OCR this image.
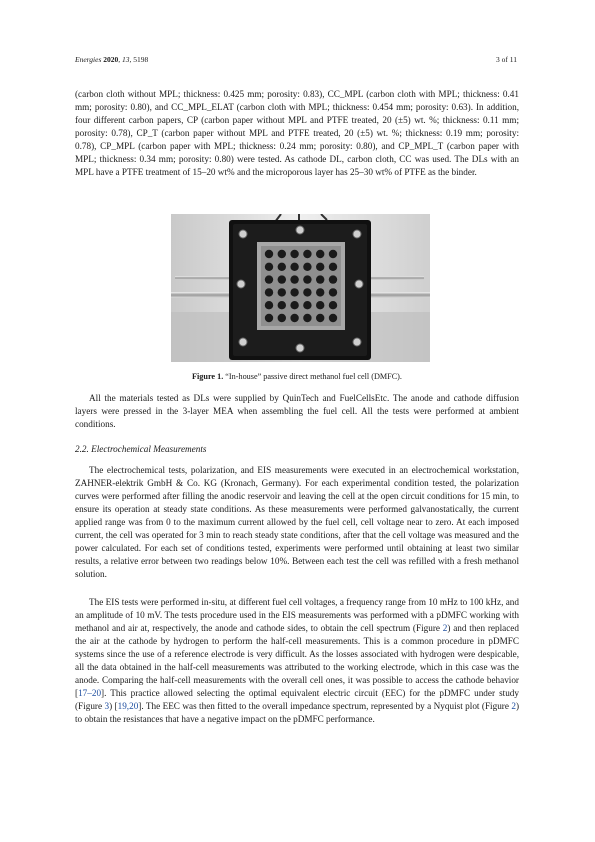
Energies 2020, 13, 5198	3 of 11

(carbon cloth without MPL; thickness: 0.425 mm; porosity: 0.83), CC_MPL (carbon cloth with MPL; thickness: 0.41 mm; porosity: 0.80), and CC_MPL_ELAT (carbon cloth with MPL; thickness: 0.454 mm; porosity: 0.63). In addition, four different carbon papers, CP (carbon paper without MPL and PTFE treated, 20 (±5) wt. %; thickness: 0.11 mm; porosity: 0.78), CP_T (carbon paper without MPL and PTFE treated, 20 (±5) wt. %; thickness: 0.19 mm; porosity: 0.78), CP_MPL (carbon paper with MPL; thickness: 0.24 mm; porosity: 0.80), and CP_MPL_T (carbon paper with MPL; thickness: 0.34 mm; porosity: 0.80) were tested. As cathode DL, carbon cloth, CC was used. The DLs with an MPL have a PTFE treatment of 15–20 wt% and the microporous layer has 25–30 wt% of PTFE as the binder.

Figure 1. “In-house” passive direct methanol fuel cell (DMFC).

All the materials tested as DLs were supplied by QuinTech and FuelCellsEtc. The anode and cathode diffusion layers were pressed in the 3-layer MEA when assembling the fuel cell. All the tests were performed at ambient conditions.

2.2. Electrochemical Measurements

The electrochemical tests, polarization, and EIS measurements were executed in an electrochemical workstation, ZAHNER-elektrik GmbH & Co. KG (Kronach, Germany). For each experimental condition tested, the polarization curves were performed after filling the anodic reservoir and leaving the cell at the open circuit conditions for 15 min, to ensure its operation at steady state conditions. As these measurements were performed galvanostatically, the current applied range was from 0 to the maximum current allowed by the fuel cell, cell voltage near to zero. At each imposed current, the cell was operated for 3 min to reach steady state conditions, after that the cell voltage was measured and the power calculated. For each set of conditions tested, experiments were performed until obtaining at least two similar results, a relative error between two readings below 10%. Between each test the cell was refilled with a fresh methanol solution.

The EIS tests were performed in-situ, at different fuel cell voltages, a frequency range from 10 mHz to 100 kHz, and an amplitude of 10 mV. The tests procedure used in the EIS measurements was performed with a pDMFC working with methanol and air at, respectively, the anode and cathode sides, to obtain the cell spectrum (Figure 2) and then replaced the air at the cathode by hydrogen to perform the half-cell measurements. This is a common procedure in pDMFC systems since the use of a reference electrode is very difficult. As the losses associated with hydrogen were despicable, all the data obtained in the half-cell measurements was attributed to the working electrode, which in this case was the anode. Comparing the half-cell measurements with the overall cell ones, it was possible to access the cathode behavior [17–20]. This practice allowed selecting the optimal equivalent electric circuit (EEC) for the pDMFC under study (Figure 3) [19,20]. The EEC was then fitted to the overall impedance spectrum, represented by a Nyquist plot (Figure 2) to obtain the resistances that have a negative impact on the pDMFC performance.
